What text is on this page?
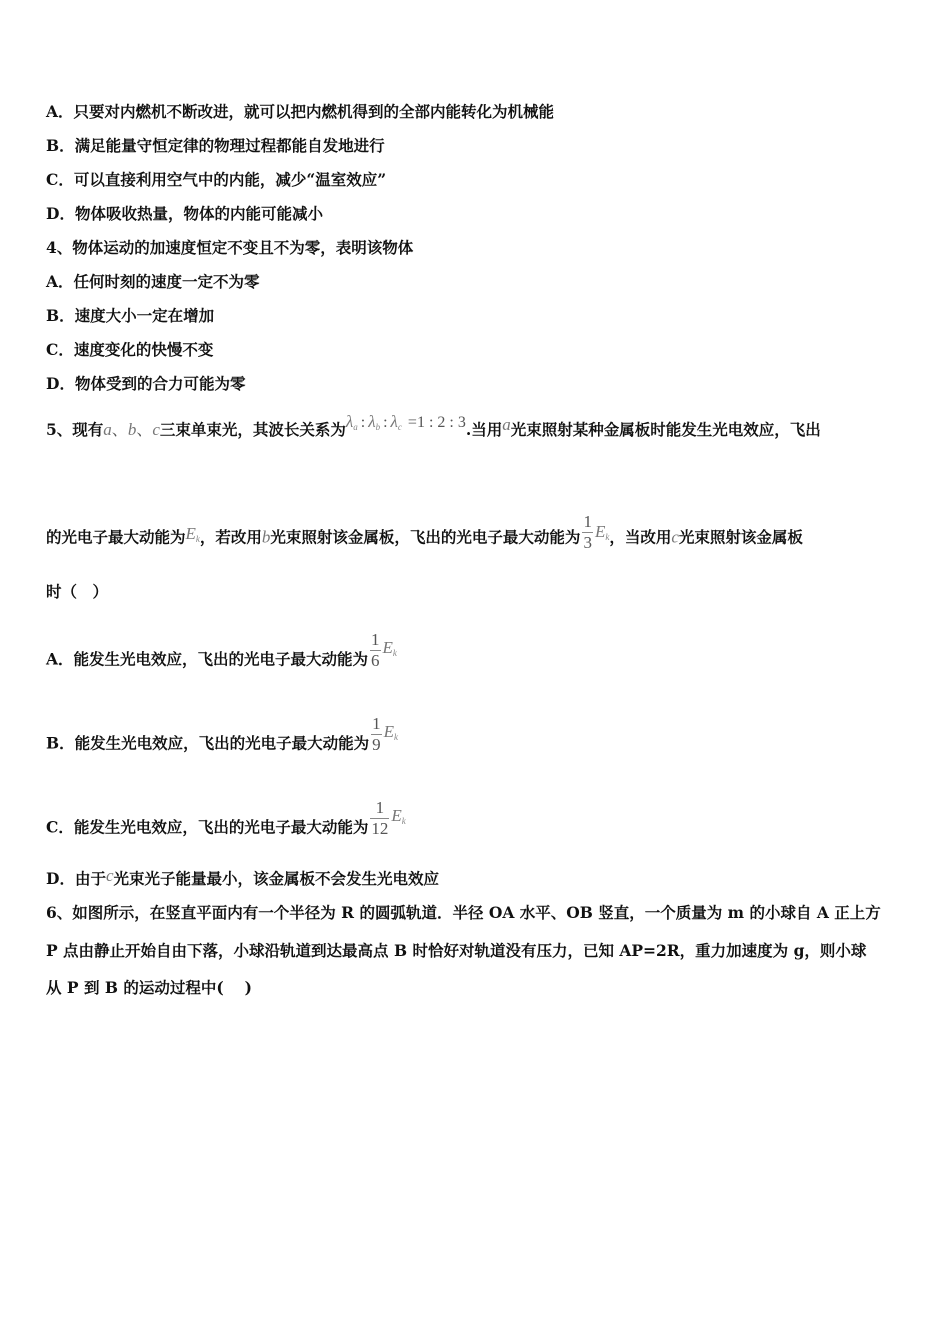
A．只要对内燃机不断改进，就可以把内燃机得到的全部内能转化为机械能
B．满足能量守恒定律的物理过程都能自发地进行
C．可以直接利用空气中的内能，减少“温室效应”
D．物体吸收热量，物体的内能可能减小
4、物体运动的加速度恒定不变且不为零，表明该物体
A．任何时刻的速度一定不为零
B．速度大小一定在增加
C．速度变化的快慢不变
D．物体受到的合力可能为零
5、现有a、b、c三束单束光，其波长关系为$\lambda_a$ : $\lambda_b$ : $\lambda_c =1$ : 2 : 3.当用a光束照射某种金属板时能发生光电效应，飞出
的光电子最大动能为$E_k$，若改用b光束照射该金属板，飞出的光电子最大动能为 $\frac{1}{3} E_k$，当改用c光束照射该金属板
时（　）
A．能发生光电效应，飞出的光电子最大动能为 $\frac{1}{6} E_k$
B．能发生光电效应，飞出的光电子最大动能为 $\frac{1}{9} E_k$
C．能发生光电效应，飞出的光电子最大动能为 $\frac{1}{12} E_k$
D．由于c光束光子能量最小，该金属板不会发生光电效应
6、如图所示，在竖直平面内有一个半径为 R 的圆弧轨道．半径 OA 水平、OB 竖直，一个质量为 m 的小球自 A 正上方
P 点由静止开始自由下落，小球沿轨道到达最高点 B 时恰好对轨道没有压力，已知 AP=2R，重力加速度为 g，则小球
从 P 到 B 的运动过程中(　 )
